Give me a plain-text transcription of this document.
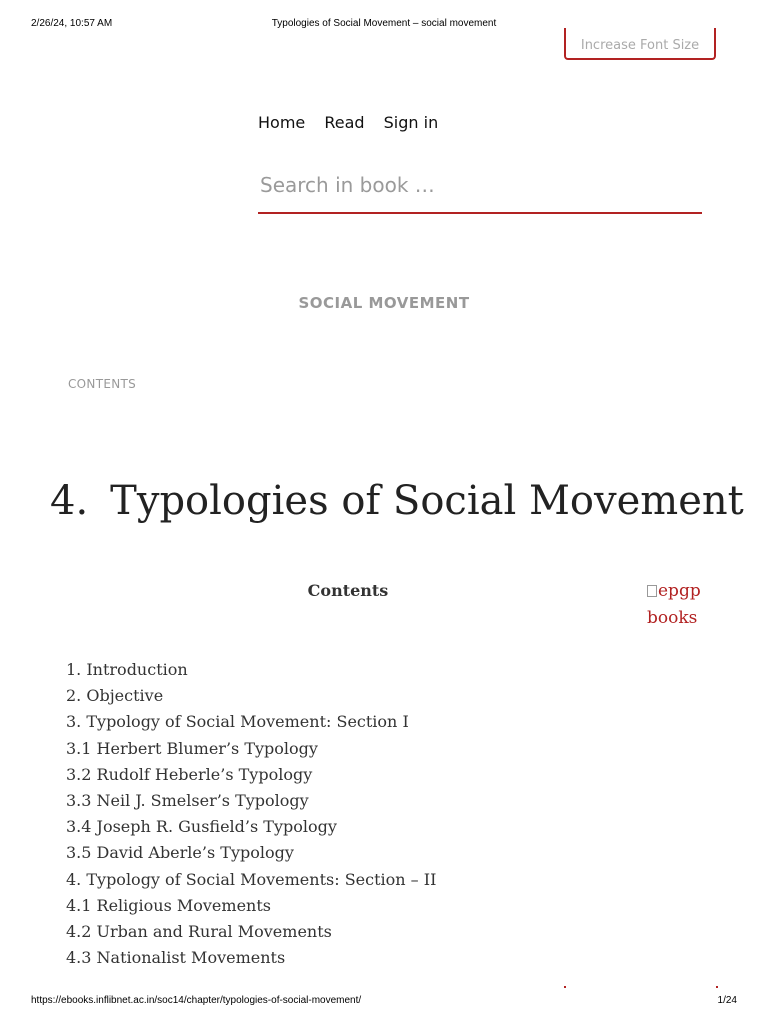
2/26/24, 10:57 AM	Typologies of Social Movement – social movement
Increase Font Size
Home Read Sign in
Search in book …
SOCIAL MOVEMENT
CONTENTS
4. Typologies of Social Movement
Contents	epgp
books
1. Introduction
2. Objective
3. Typology of Social Movement: Section I
3.1 Herbert Blumer’s Typology
3.2 Rudolf Heberle’s Typology
3.3 Neil J. Smelser’s Typology
3.4 Joseph R. Gusfield’s Typology
3.5 David Aberle’s Typology
4. Typology of Social Movements: Section – II
4.1 Religious Movements
4.2 Urban and Rural Movements
4.3 Nationalist Movements
https://ebooks.inflibnet.ac.in/soc14/chapter/typologies-of-social-movement/	1/24
